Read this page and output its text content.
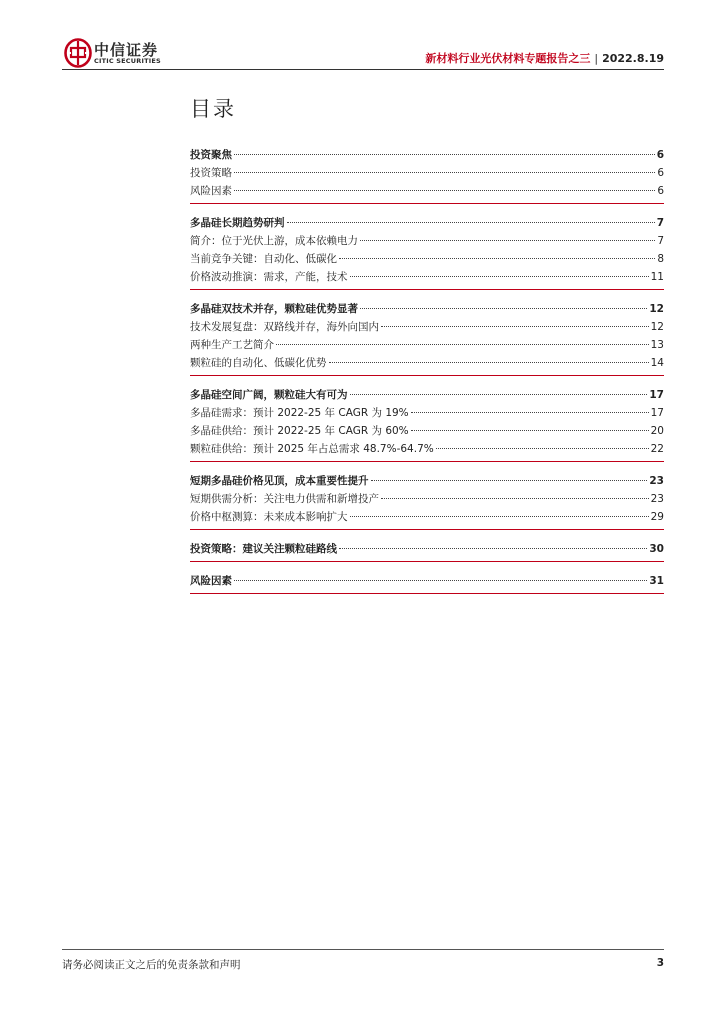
中信证券
CITIC SECURITIES	新材料行业光伏材料专题报告之三 | 2022.8.19
目录
投资聚焦	6
投资策略	6
风险因素	6
多晶硅长期趋势研判	7
简介：位于光伏上游，成本依赖电力	7
当前竞争关键：自动化、低碳化	8
价格波动推演：需求，产能，技术	11
多晶硅双技术并存，颗粒硅优势显著	12
技术发展复盘：双路线并存，海外向国内	12
两种生产工艺简介	13
颗粒硅的自动化、低碳化优势	14
多晶硅空间广阔，颗粒硅大有可为	17
多晶硅需求：预计 2022-25 年 CAGR 为 19%	17
多晶硅供给：预计 2022-25 年 CAGR 为 60%	20
颗粒硅供给：预计 2025 年占总需求 48.7%-64.7%	22
短期多晶硅价格见顶，成本重要性提升	23
短期供需分析：关注电力供需和新增投产	23
价格中枢测算：未来成本影响扩大	29
投资策略：建议关注颗粒硅路线	30
风险因素	31
请务必阅读正文之后的免责条款和声明	3
